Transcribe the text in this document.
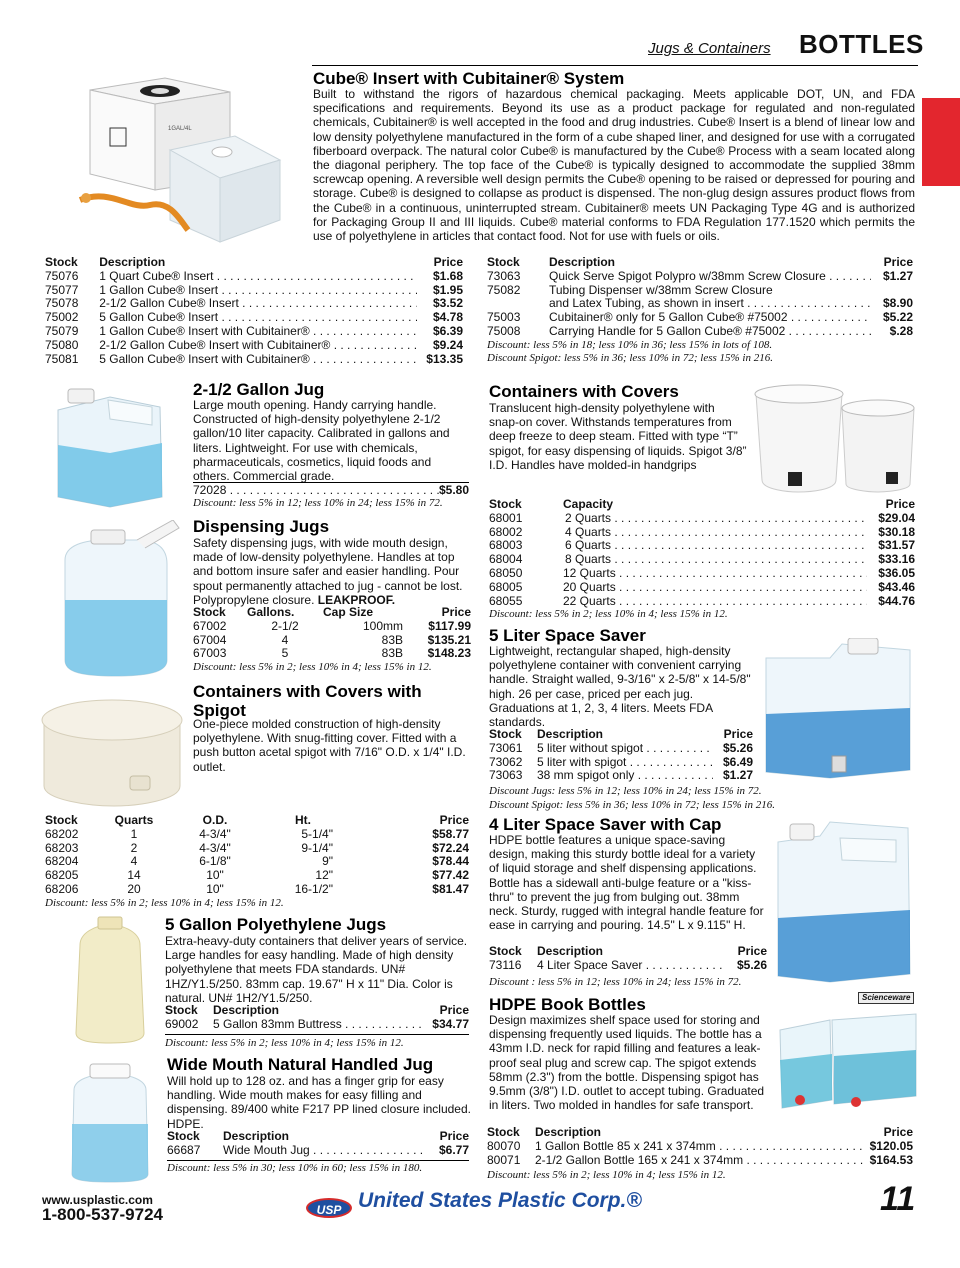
Jugs & Containers BOTTLES
1GAL/4L
Cube® Insert with Cubitainer® System
Built to withstand the rigors of hazardous chemical packaging. Meets applicable DOT, UN, and FDA specifications and requirements. Beyond its use as a product package for regulated and non-regulated chemicals, Cubitainer® is well accepted in the food and drug industries. Cube® Insert is a blend of linear low and low density polyethylene manufactured in the form of a cube shaped liner, and designed for use with a corrugated fiberboard overpack. The natural color Cube® is manufactured by the Cube® Process with a seam located along the diagonal periphery. The top face of the Cube® is typically designed to accommodate the supplied 38mm screwcap opening. A reversible well design permits the Cube® opening to be raised or depressed for pouring and storage. Cube® is designed to collapse as product is dispensed. The non-glug design assures product flows from the Cube® in a continuous, uninterrupted stream. Cubitainer® meets UN Packaging Type 4G and is authorized for Packaging Group II and III liquids. Cube® material conforms to FDA Regulation 177.1520 which permits the use of polyethylene in articles that contact food. Not for use with fuels or oils.
Stock	Description	Price
75076	1 Quart Cube® Insert . . .	$1.68
75077	1 Gallon Cube® Insert . . .	$1.95
75078	2-1/2 Gallon Cube® Insert . . .	$3.52
75002	5 Gallon Cube® Insert . . .	$4.78
75079	1 Gallon Cube® Insert with Cubitainer® . . .	$6.39
75080	2-1/2 Gallon Cube® Insert with Cubitainer® . . .	$9.24
75081	5 Gallon Cube® Insert with Cubitainer® . . .	$13.35
Stock	Description	Price
73063	Quick Serve Spigot Polypro w/38mm Screw Closure . . .	$1.27
75082	Tubing Dispenser w/38mm Screw Closure	

	and Latex Tubing, as shown in insert . . .	$8.90
75003	Cubitainer® only for 5 Gallon Cube® #75002 . . .	$5.22
75008	Carrying Handle for 5 Gallon Cube® #75002 . . .	$.28
Discount: less 5% in 18; less 10% in 36; less 15% in lots of 108.
Discount Spigot: less 5% in 36; less 10% in 72; less 15% in 216.
2-1/2 Gallon Jug
Large mouth opening. Handy carrying handle. Constructed of high-density polyethylene 2-1/2 gallon/10 liter capacity. Calibrated in gallons and liters. Lightweight. For use with chemicals, pharmaceuticals, cosmetics, liquid foods and others. Commercial grade.
72028 . . .	$5.80
Discount: less 5% in 12; less 10% in 24; less 15% in 72.
Dispensing Jugs
Safety dispensing jugs, with wide mouth design, made of low-density polyethylene. Handles at top and bottom insure safer and easier handling. Pour spout permanently attached to jug - cannot be lost. Polypropylene closure. LEAKPROOF.
Stock	Gallons.	Cap Size	Price
67002	2-1/2	100mm	$117.99
67004	4	83B	$135.21
67003	5	83B	$148.23
Discount: less 5% in 2; less 10% in 4; less 15% in 12.
Containers with Covers with Spigot
One-piece molded construction of high-density polyethylene. With snug-fitting cover. Fitted with a push button acetal spigot with 7/16" O.D. x 1/4" I.D. outlet.
Stock	Quarts	O.D.	Ht.	Price
68202	1	4-3/4"	5-1/4"	$58.77
68203	2	4-3/4"	9-1/4"	$72.24
68204	4	6-1/8"	9"	$78.44
68205	14	10"	12"	$77.42
68206	20	10"	16-1/2"	$81.47
Discount: less 5% in 2; less 10% in 4; less 15% in 12.
5 Gallon Polyethylene Jugs
Extra-heavy-duty containers that deliver years of service. Large handles for easy handling. Made of high density polyethylene that meets FDA standards. UN# 1HZ/Y1.5/250. 83mm cap. 19.67" H x 11" Dia. Color is natural. UN# 1H2/Y1.5/250.
Stock	Description	Price
69002	5 Gallon 83mm Buttress . . .	$34.77
Discount: less 5% in 2; less 10% in 4; less 15% in 12.
Wide Mouth Natural Handled Jug
Will hold up to 128 oz. and has a finger grip for easy handling. Wide mouth makes for easy filling and dispensing. 89/400 white F217 PP lined closure included. HDPE.
Stock	Description	Price
66687	Wide Mouth Jug . . .	$6.77
Discount: less 5% in 30; less 10% in 60; less 15% in 180.
Containers with Covers
Translucent high-density polyethylene with snap-on cover. Withstands temperatures from deep freeze to deep steam. Fitted with type “T” spigot, for easy dispensing of liquids. Spigot 3/8” I.D. Handles have molded-in handgrips
Stock	Capacity	Price
68001	2 Quarts . . .	$29.04
68002	4 Quarts . . .	$30.18
68003	6 Quarts . . .	$31.57
68004	8 Quarts . . .	$33.16
68050	12 Quarts . . .	$36.05
68005	20 Quarts . . .	$43.46
68055	22 Quarts . . .	$44.76
Discount: less 5% in 2; less 10% in 4; less 15% in 12.
5 Liter Space Saver
Lightweight, rectangular shaped, high-density polyethylene container with convenient carrying handle. Straight walled, 9-3/16" x 2-5/8" x 14-5/8" high. 26 per case, priced per each jug. Graduations at 1, 2, 3, 4 liters. Meets FDA standards.
Stock	Description	Price
73061	5 liter without spigot . . .	$5.26
73062	5 liter with spigot . . .	$6.49
73063	38 mm spigot only . . .	$1.27
Discount Jugs: less 5% in 12; less 10% in 24; less 15% in 72.
Discount Spigot: less 5% in 36; less 10% in 72; less 15% in 216.
4 Liter Space Saver with Cap
HDPE bottle features a unique space-saving design, making this sturdy bottle ideal for a variety of liquid storage and shelf dispensing applications. Bottle has a sidewall anti-bulge feature or a "kiss-thru" to prevent the jug from bulging out. 38mm neck. Sturdy, rugged with integral handle feature for ease in carrying and pouring. 14.5" L x 9.115" H.
Stock	Description	Price
73116	4 Liter Space Saver . . .	$5.26
Discount : less 5% in 12; less 10% in 24; less 15% in 72.
HDPE Book Bottles
Design maximizes shelf space used for storing and dispensing frequently used liquids. The bottle has a 43mm I.D. neck for rapid filling and features a leak-proof seal plug and screw cap. The spigot extends 58mm (2.3") from the bottle. Dispensing spigot has 9.5mm (3/8") I.D. outlet to accept tubing. Graduated in liters. Two molded in handles for safe transport.
Scienceware
Stock	Description	Price
80070	1 Gallon Bottle 85 x 241 x 374mm . . .	$120.05
80071	2-1/2 Gallon Bottle 165 x 241 x 374mm . . .	$164.53
Discount: less 5% in 2; less 10% in 4; less 15% in 12.
www.usplastic.com
1-800-537-9724	USP United States Plastic Corp.®	11
